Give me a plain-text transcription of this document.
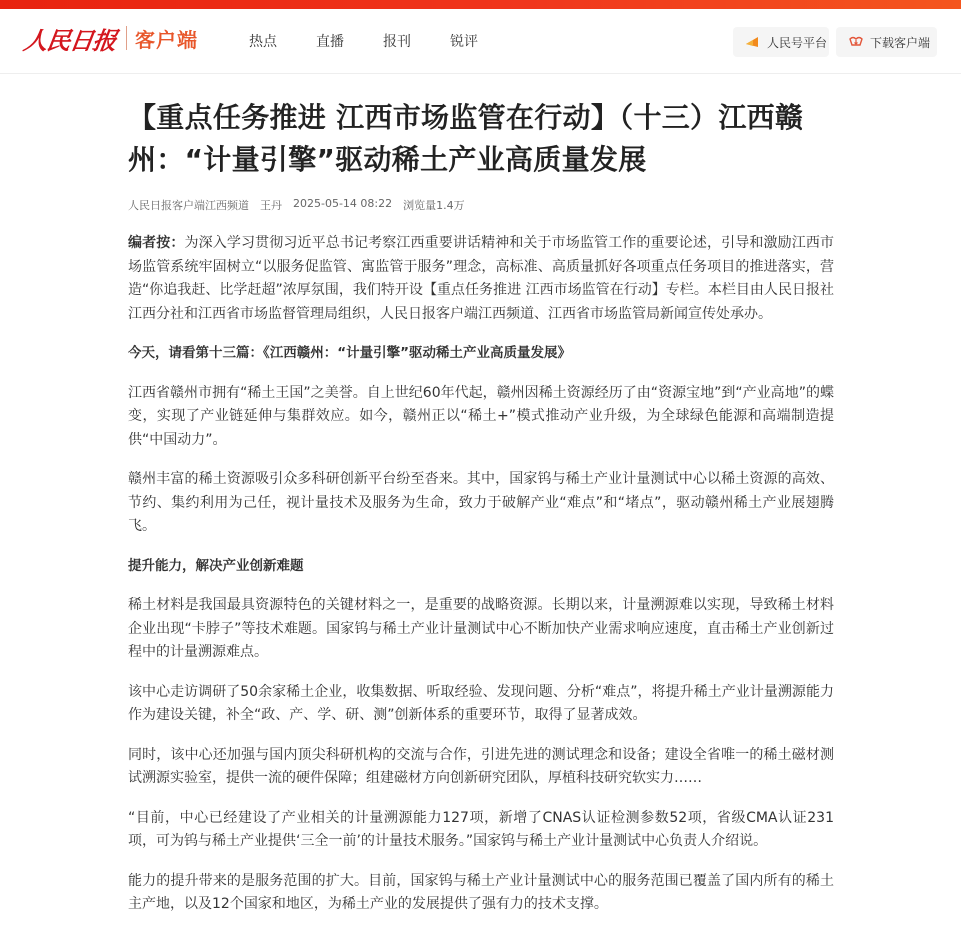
人民日报 客户端	热点	直播	报刊	锐评	人民号平台	下载客户端
【重点任务推进 江西市场监管在行动】（十三）江西赣州：“计量引擎”驱动稀土产业高质量发展
人民日报客户端江西频道 王丹 2025-05-14 08:22 浏览量1.4万

编者按：为深入学习贯彻习近平总书记考察江西重要讲话精神和关于市场监管工作的重要论述，引导和激励江西市场监管系统牢固树立“以服务促监管、寓监管于服务”理念，高标准、高质量抓好各项重点任务项目的推进落实，营造“你追我赶、比学赶超”浓厚氛围，我们特开设【重点任务推进 江西市场监管在行动】专栏。本栏目由人民日报社江西分社和江西省市场监督管理局组织，人民日报客户端江西频道、江西省市场监管局新闻宣传处承办。

今天，请看第十三篇：《江西赣州：“计量引擎”驱动稀土产业高质量发展》

江西省赣州市拥有“稀土王国”之美誉。自上世纪60年代起，赣州因稀土资源经历了由“资源宝地”到“产业高地”的蝶变，实现了产业链延伸与集群效应。如今，赣州正以“稀土+”模式推动产业升级，为全球绿色能源和高端制造提供“中国动力”。

赣州丰富的稀土资源吸引众多科研创新平台纷至沓来。其中，国家钨与稀土产业计量测试中心以稀土资源的高效、节约、集约利用为己任，视计量技术及服务为生命，致力于破解产业“难点”和“堵点”，驱动赣州稀土产业展翅腾飞。

提升能力，解决产业创新难题

稀土材料是我国最具资源特色的关键材料之一，是重要的战略资源。长期以来，计量溯源难以实现，导致稀土材料企业出现“卡脖子”等技术难题。国家钨与稀土产业计量测试中心不断加快产业需求响应速度，直击稀土产业创新过程中的计量溯源难点。

该中心走访调研了50余家稀土企业，收集数据、听取经验、发现问题、分析“难点”，将提升稀土产业计量溯源能力作为建设关键，补全“政、产、学、研、测”创新体系的重要环节，取得了显著成效。

同时，该中心还加强与国内顶尖科研机构的交流与合作，引进先进的测试理念和设备；建设全省唯一的稀土磁材测试溯源实验室，提供一流的硬件保障；组建磁材方向创新研究团队，厚植科技研究软实力……

“目前，中心已经建设了产业相关的计量溯源能力127项，新增了CNAS认证检测参数52项，省级CMA认证231项，可为钨与稀土产业提供‘三全一前’的计量技术服务。”国家钨与稀土产业计量测试中心负责人介绍说。

能力的提升带来的是服务范围的扩大。目前，国家钨与稀土产业计量测试中心的服务范围已覆盖了国内所有的稀土主产地，以及12个国家和地区，为稀土产业的发展提供了强有力的技术支撑。
